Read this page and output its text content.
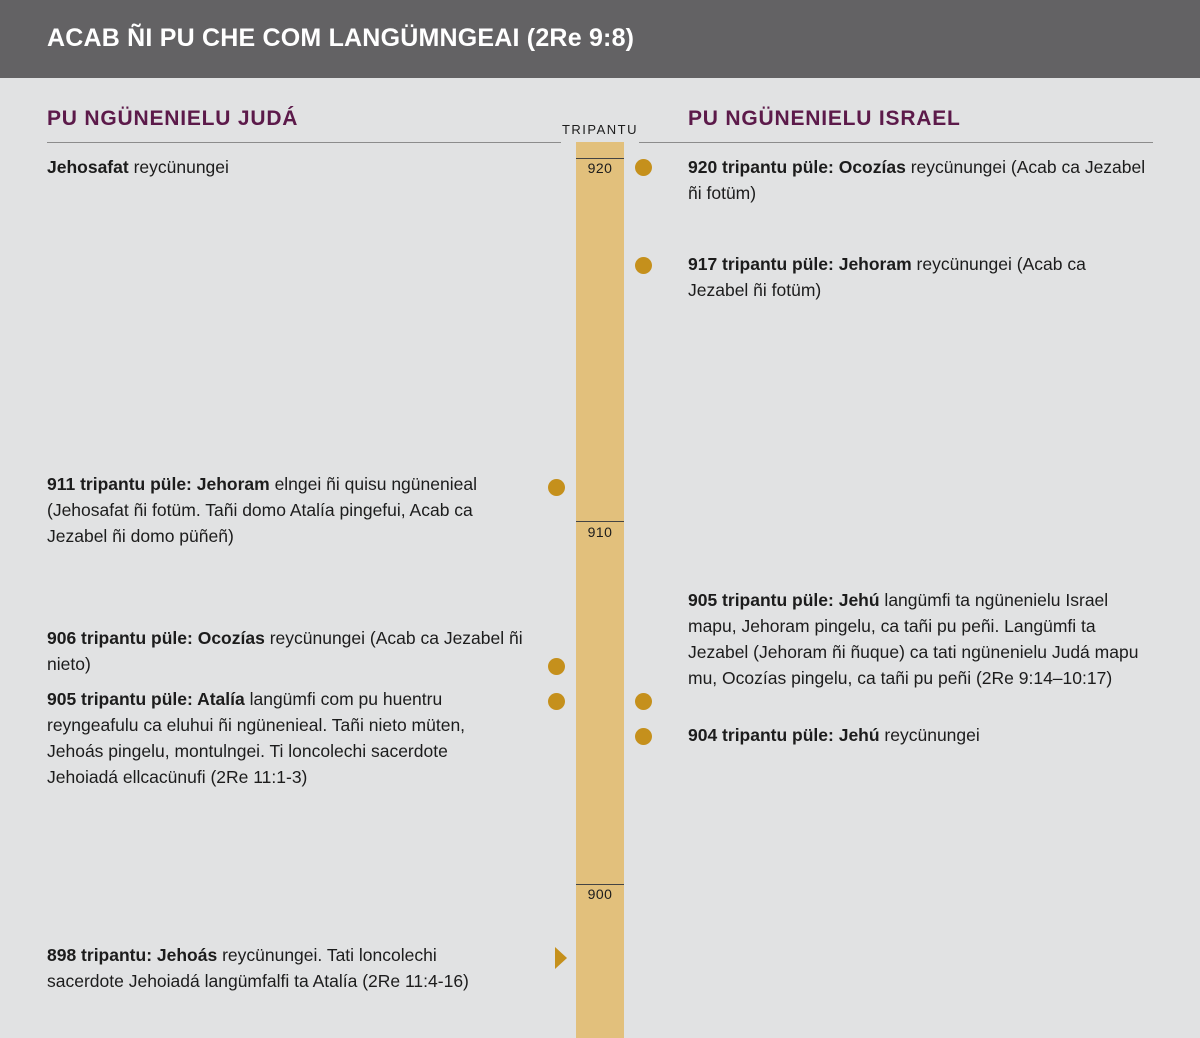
ACAB ÑI PU CHE COM LANGÜMNGEAI (2Re 9:8)
PU NGÜNENIELU JUDÁ	TRIPANTU PU NGÜNENIELU ISRAEL
920
910
900
Jehosafat reycünungei
911 tripantu püle: Jehoram elngei ñi quisu ngünenieal (Jehosafat ñi fotüm. Tañi domo Atalía pingefui, Acab ca Jezabel ñi domo püñeñ)
906 tripantu püle: Ocozías reycünungei (Acab ca Jezabel ñi nieto)
905 tripantu püle: Atalía langümfi com pu huentru reyngeafulu ca eluhui ñi ngünenieal. Tañi nieto müten, Jehoás pingelu, montulngei. Ti loncolechi sacerdote Jehoiadá ellcacünufi (2Re 11:1-3)
898 tripantu: Jehoás reycünungei. Tati loncolechi sacerdote Jehoiadá langümfalfi ta Atalía (2Re 11:4-16)
920 tripantu püle: Ocozías reycünungei (Acab ca Jezabel ñi fotüm)
917 tripantu püle: Jehoram reycünungei (Acab ca Jezabel ñi fotüm)
905 tripantu püle: Jehú langümfi ta ngünenielu Israel mapu, Jehoram pingelu, ca tañi pu peñi. Langümfi ta Jezabel (Jehoram ñi ñuque) ca tati ngünenielu Judá mapu mu, Ocozías pingelu, ca tañi pu peñi (2Re 9:14–10:17)
904 tripantu püle: Jehú reycünungei
